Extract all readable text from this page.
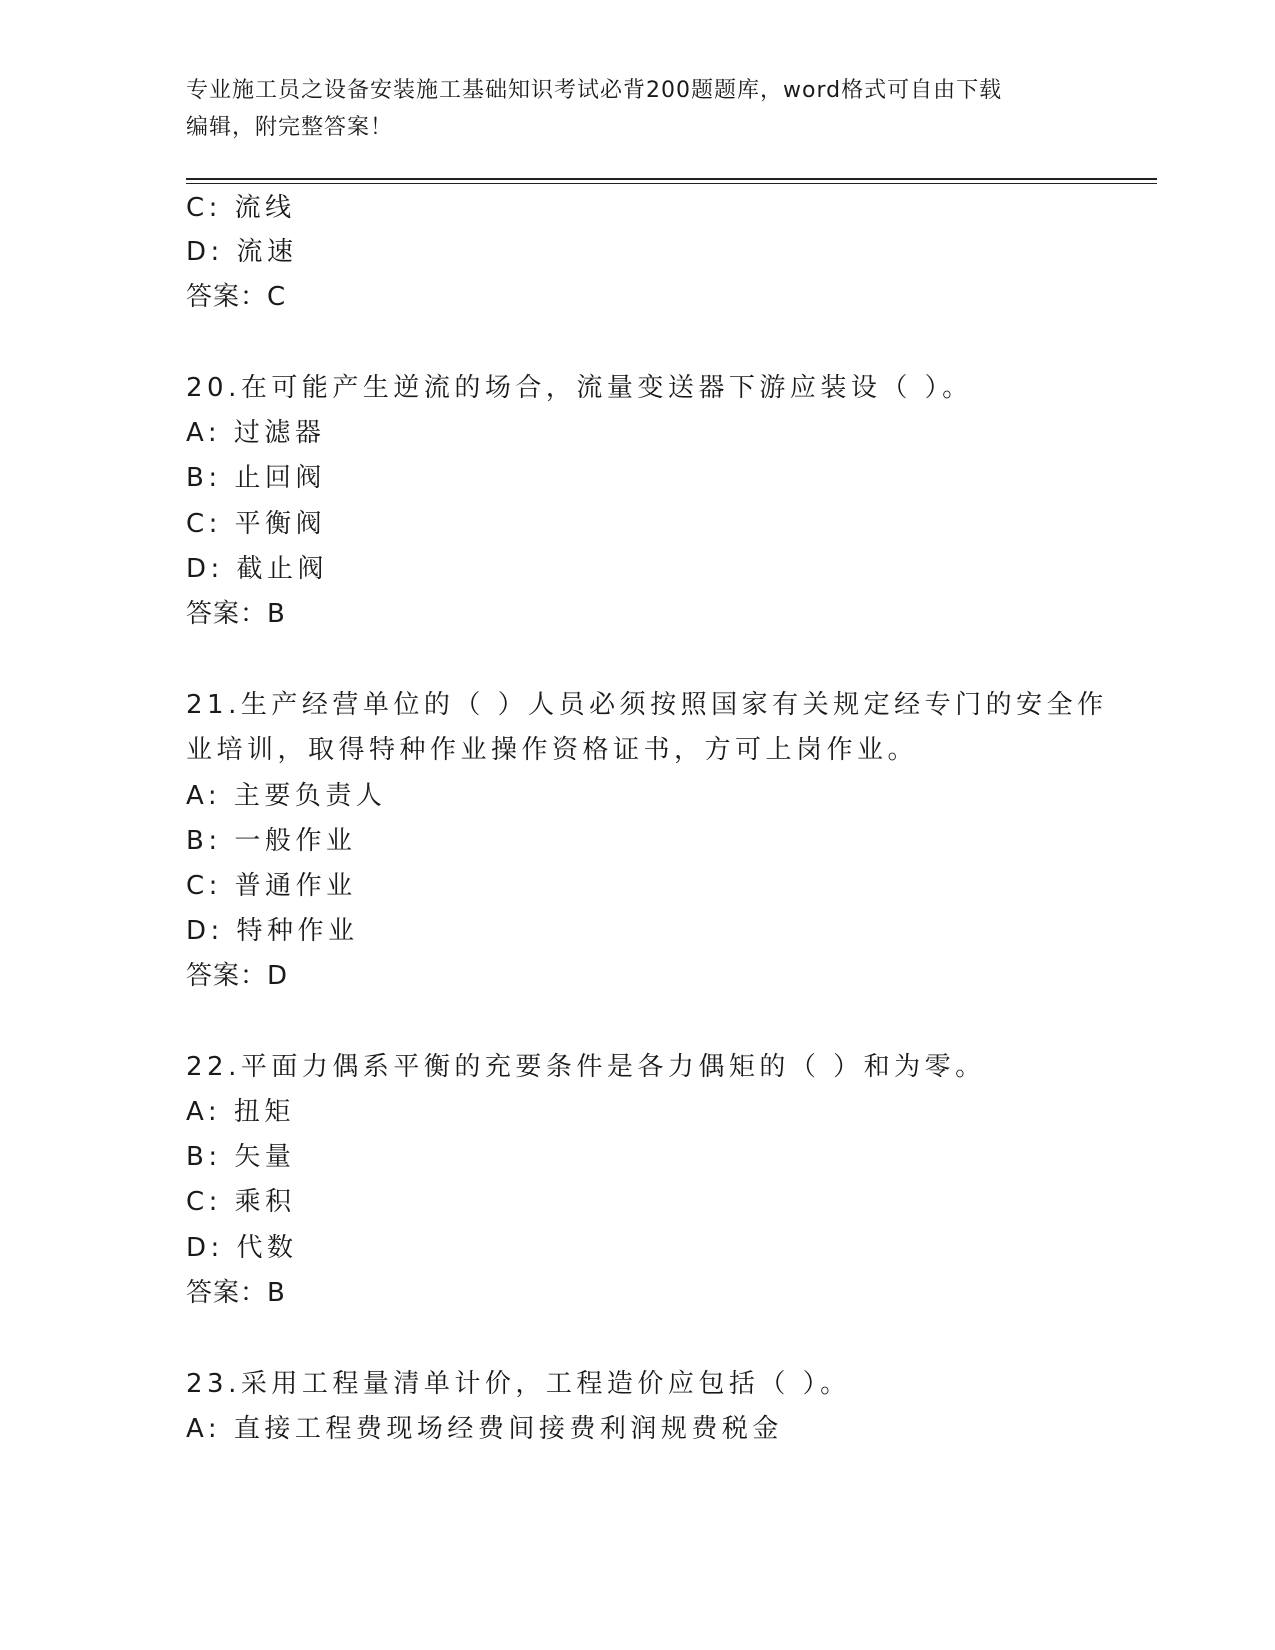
专业施工员之设备安装施工基础知识考试必背200题题库，word格式可自由下载
编辑，附完整答案！
C: 流线
D: 流速
答案：C
20.在可能产生逆流的场合，流量变送器下游应装设（ ）。
A: 过滤器
B: 止回阀
C: 平衡阀
D: 截止阀
答案：B
21.生产经营单位的（ ）人员必须按照国家有关规定经专门的安全作
业培训，取得特种作业操作资格证书，方可上岗作业。
A: 主要负责人
B: 一般作业
C: 普通作业
D: 特种作业
答案：D
22.平面力偶系平衡的充要条件是各力偶矩的（ ）和为零。
A: 扭矩
B: 矢量
C: 乘积
D: 代数
答案：B
23.采用工程量清单计价，工程造价应包括（ ）。
A: 直接工程费现场经费间接费利润规费税金
